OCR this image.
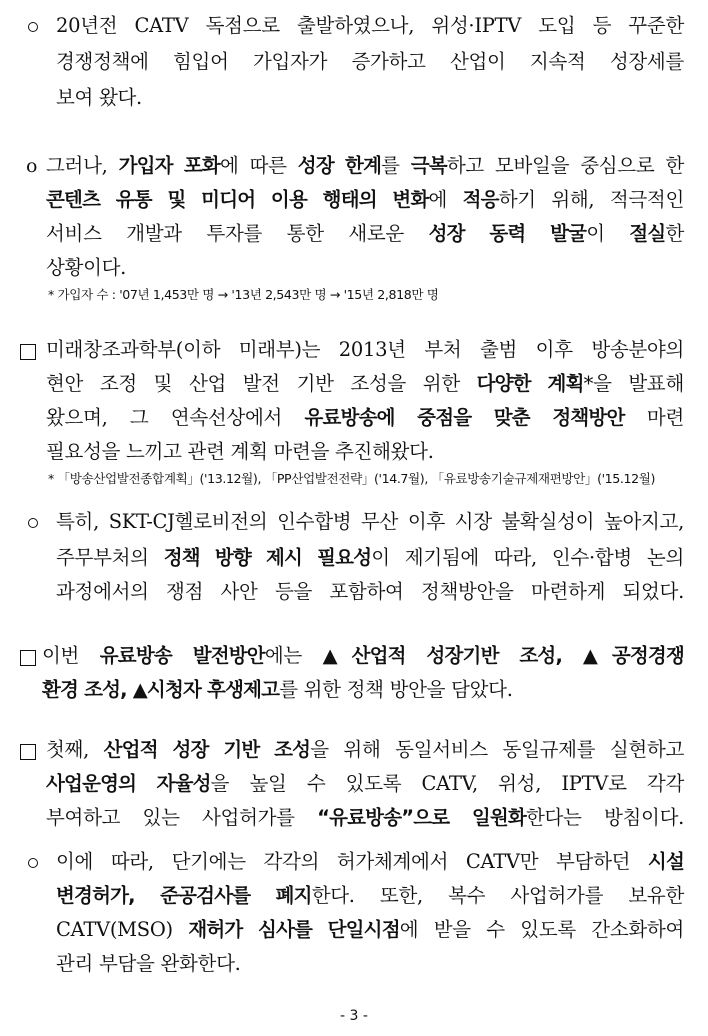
20년전 CATV 독점으로 출발하였으나, 위성·IPTV 도입 등 꾸준한
경쟁정책에 힘입어 가입자가 증가하고 산업이 지속적 성장세를
보여 왔다.
o 그러나, 가입자 포화에 따른 성장 한계를 극복하고 모바일을 중심으로 한
콘텐츠 유통 및 미디어 이용 행태의 변화에 적응하기 위해, 적극적인
서비스 개발과 투자를 통한 새로운 성장 동력 발굴이 절실한
상황이다.
* 가입자 수 : '07년 1,453만 명 → '13년 2,543만 명 → '15년 2,818만 명
미래창조과학부(이하 미래부)는 2013년 부처 출범 이후 방송분야의
현안 조정 및 산업 발전 기반 조성을 위한 다양한 계획*을 발표해
왔으며, 그 연속선상에서 유료방송에 중점을 맞춘 정책방안 마련
필요성을 느끼고 관련 계획 마련을 추진해왔다.
* 「방송산업발전종합계획」('13.12월), 「PP산업발전전략」('14.7월), 「유료방송기술규제재편방안」('15.12월)
특히, SKT-CJ헬로비전의 인수합병 무산 이후 시장 불확실성이 높아지고,
주무부처의 정책 방향 제시 필요성이 제기됨에 따라, 인수·합병 논의
과정에서의 쟁점 사안 등을 포함하여 정책방안을 마련하게 되었다.
이번 유료방송 발전방안에는 ▲산업적 성장기반 조성, ▲공정경쟁
환경 조성, ▲시청자 후생제고를 위한 정책 방안을 담았다.
첫째, 산업적 성장 기반 조성을 위해 동일서비스 동일규제를 실현하고
사업운영의 자율성을 높일 수 있도록 CATV, 위성, IPTV로 각각
부여하고 있는 사업허가를 “유료방송”으로 일원화한다는 방침이다.
이에 따라, 단기에는 각각의 허가체계에서 CATV만 부담하던 시설
변경허가, 준공검사를 폐지한다. 또한, 복수 사업허가를 보유한
CATV(MSO) 재허가 심사를 단일시점에 받을 수 있도록 간소화하여
관리 부담을 완화한다.
- 3 -
